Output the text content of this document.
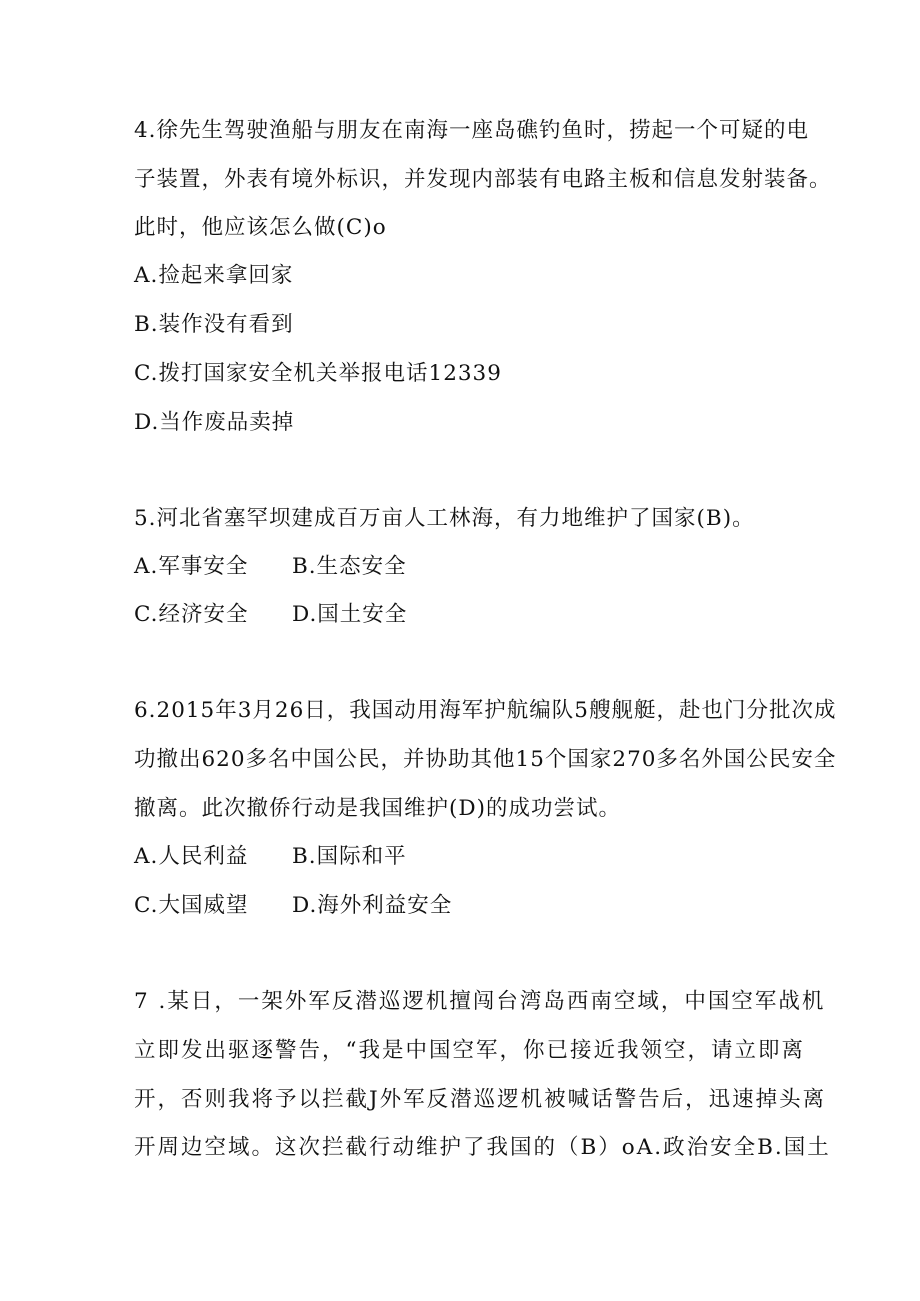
4.徐先生驾驶渔船与朋友在南海一座岛礁钓鱼时，捞起一个可疑的电
子装置，外表有境外标识，并发现内部装有电路主板和信息发射装备。
此时，他应该怎么做(C)o
A.捡起来拿回家
B.装作没有看到
C.拨打国家安全机关举报电话12339
D.当作废品卖掉
5.河北省塞罕坝建成百万亩人工林海，有力地维护了国家(B)。
A.军事安全 B.生态安全
C.经济安全 D.国土安全
6.2015年3月26日，我国动用海军护航编队5艘舰艇，赴也门分批次成
功撤出620多名中国公民，并协助其他15个国家270多名外国公民安全
撤离。此次撤侨行动是我国维护(D)的成功尝试。
A.人民利益 B.国际和平
C.大国威望 D.海外利益安全
7 .某日，一架外军反潜巡逻机擅闯台湾岛西南空域，中国空军战机
立即发出驱逐警告，“我是中国空军，你已接近我领空，请立即离
开，否则我将予以拦截J外军反潜巡逻机被喊话警告后，迅速掉头离
开周边空域。这次拦截行动维护了我国的（B）oA.政治安全B.国土
